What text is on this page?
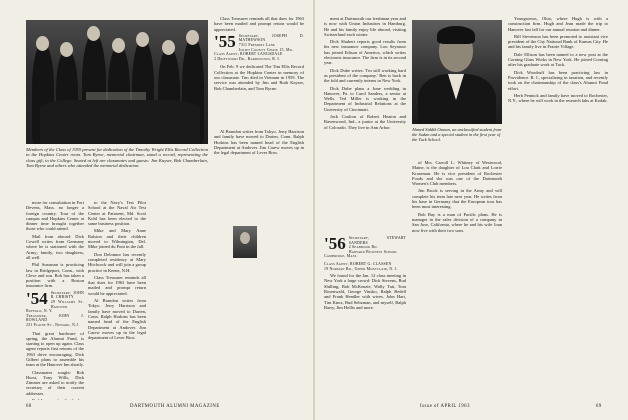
Members of the Class of 1955 present for dedication of the Timothy Wright Ellis Record Collection in the Hopkins Center room. Tom Byrne, memorial chairman, stand a record, representing the class gift, to the College. Seated at left are classmates and guests: Jim Kayser, Bob Chamberlain, Tom Byrne and others who attended the memorial dedication.

more for consultation in Fort Devens, Mass. no longer a foreign country. Tour of the campus and Hopkins Center at dinner time brought together those who could attend.

Mail from abroad: Dick Cowell writes from Germany where he is stationed with the Army; family, two daughters, all well.

Phil Sussman is practicing law in Bridgeport, Conn., with Cleve and son. Bob has taken a position with a Boston insurance firm.

'54 Secretary, JOHN R. CHRISTY
29 Williams St. Hanover
Buffalo, N. Y.
Treasurer, JOHN J. ROWLAND
231 Plaine St., Newark, N.J.

That great hardware of spring, the Alumni Fund, is starting to open up again. Class agent reports first returns of the 1963 drive encouraging. Dick Gilbert plans to assemble his team at the Hanover Inn shortly.

Classmates sought: Bob Hurst, Tony Wills, Dick Zimmer are asked to notify the secretary of their current addresses.

to the Navy's Test Pilot School at the Naval Air Test Center at Patuxent, Md. Scott Kohl has been elected to the same business position.

Mike and Mary Anne Ralston and their children moved to Wilmington, Del. Mike joined du Pont in the fall.

Don Delonnor has recently completed residency at Mary Hitchcock and will join a group practice in Keene, N.H.

Class Treasurer reminds all that dues for 1963 have been mailed and prompt return would be appreciated.

Al Brandon writes from Tokyo. Jerry Harrison and family have moved to Darien, Conn. Ralph Horkins has been named head of the English Department at Andover. Jim Carew moves up in the legal department of Lever Bros.

Class Treasurer reminds all that dues for 1963 have been mailed and prompt return would be appreciated.

'55 Secretary, JOSEPH D. MATHEWSON
7311 Fremont Lane
Joliet County Chase 15, Md.
Class Agent, ROBERT LANGSDALE
2 Driftwood Dr., Barrington, R. I.

On Feb. 9 we dedicated The Tim Ellis Record Collection at the Hopkins Center in memory of our classmate. Tim died in Vietnam in 1959. The service was attended by Jim and Ruth Kayser, Bob Chamberlain, and Tom Byrne.

Al Brandon writes from Tokyo. Jerry Harrison and family have moved to Darien, Conn. Ralph Horkins has been named head of the English Department at Andover. Jim Carew moves up in the legal department of Lever Bros.

68	DARTMOUTH ALUMNI MAGAZINE

ment at Dartmouth our freshman year and is now with Union Industries in Hamburg. He and his family enjoy life abroad, visiting Switzerland each winter.

Dick Shubert reports good results from his new insurance company. Lou Seymour has joined Edison of America, which writes electronic insurance. The firm is in its second year.

Dick Dube writes: 'I'm still working hard as president of the company.' Ben is back in the fold and currently interns in New York.

Dick Dube plans a June wedding in Hanover, Pa. to Carol Sanders, a senior at Wells. Ted Miller is working in the Department of Industrial Relations at the University of Cincinnati.

Jack Coulton of Robert Heaton and Ravenwood, Ind., a junior at the University of Colorado. They live in Ann Arbor.

'56 Secretary, STEWART SANDERS
2 Seabrook Rd.
Harvard Business School
Cambridge, Mass.
Class Agent, ROBERT G. CLASSEN
19 Norman Rd., Upper Montclair, N. J.

We found for the Jan. 12 class meeting in New York a large crowd: Dick Stevens, Bud Shilling, Bob McKenzie, Wally Tutt, Tom Rosenwald, George Vinsko, Ralph Bedell and Frank Hendler with wives. John Hart, Tim Knox, Bud Seltzman, and myself, Ralph Barry, Jim Hollis and more.

Ahmed Siddik Osman, an unclassified student from the Sudan and a special student in the first year of the Tuck School.

of Mrs. Carroll L. Whitney of Westwood, Maine, is the daughter of Lou Clark and Lorrie Kraseman. He is vice president of Rochester Foods and she was one of the Dartmouth Women's Club members.

Jim Brock is serving in the Army and will complete his term late next year. He writes from his base in Germany that the European tour has been most interesting.

Bob Bay is a man of Pacific plans. He is manager in the sales division of a company in San Jose, California, where he and his wife Joan now live with their two sons.

Youngstown, Ohio, where Hugh is with a construction firm. Hugh and Jean made the trip to Hanover last fall for our annual reunion and dinner.

Bill Stevenson has been promoted to assistant vice president of the City National Bank of Kansas City. He and his family live in Prairie Village.

Dale Ellison has been named to a new post at the Corning Glass Works in New York. He joined Corning after his graduate work at Tuck.

Dick Woodruff has been practicing law in Providence. R. I., specializing in taxation, and recently took on the chairmanship of the class's Alumni Fund effort.

Herb Pennick and family have moved to Rochester, N.Y., where he will work in the research labs at Kodak.

Issue of APRIL 1963	69
